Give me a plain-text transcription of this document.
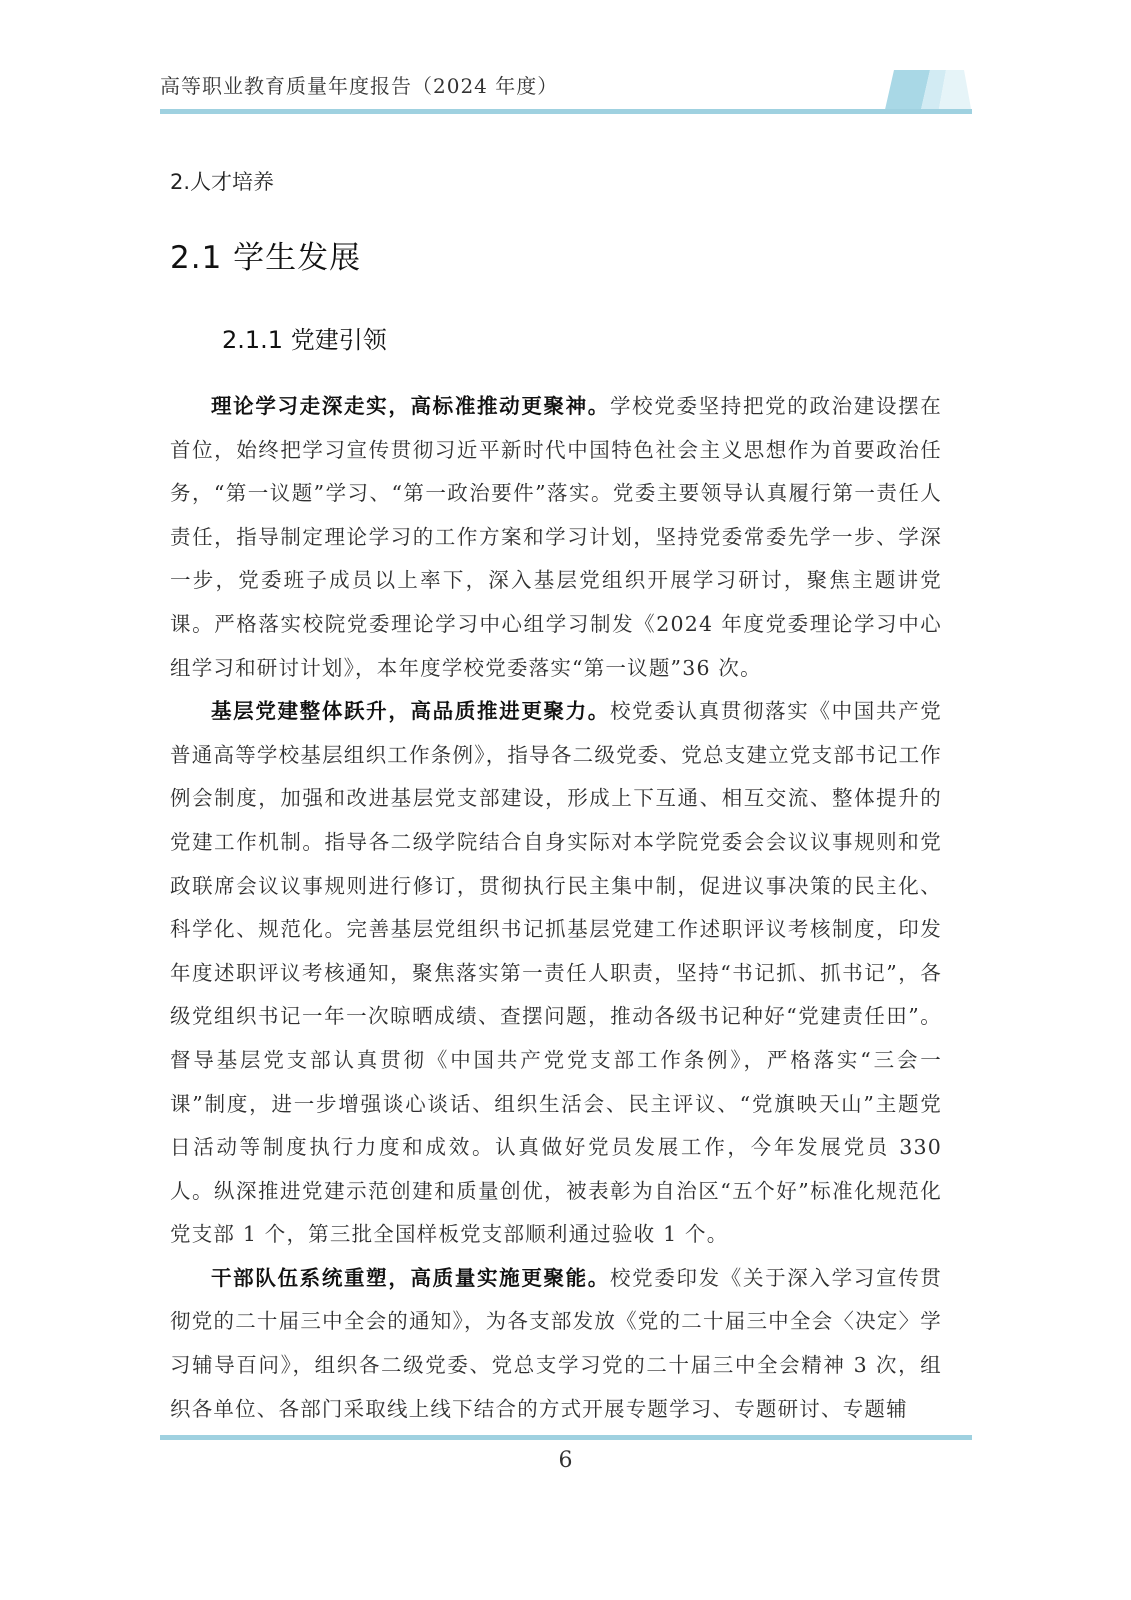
高等职业教育质量年度报告（2024 年度）
2.人才培养
2.1 学生发展
2.1.1 党建引领

理论学习走深走实，高标准推动更聚神。学校党委坚持把党的政治建设摆在首位，始终把学习宣传贯彻习近平新时代中国特色社会主义思想作为首要政治任务，“第一议题”学习、“第一政治要件”落实。党委主要领导认真履行第一责任人责任，指导制定理论学习的工作方案和学习计划，坚持党委常委先学一步、学深一步，党委班子成员以上率下，深入基层党组织开展学习研讨，聚焦主题讲党课。严格落实校院党委理论学习中心组学习制发《2024 年度党委理论学习中心组学习和研讨计划》，本年度学校党委落实“第一议题”36 次。

基层党建整体跃升，高品质推进更聚力。校党委认真贯彻落实《中国共产党普通高等学校基层组织工作条例》，指导各二级党委、党总支建立党支部书记工作例会制度，加强和改进基层党支部建设，形成上下互通、相互交流、整体提升的党建工作机制。指导各二级学院结合自身实际对本学院党委会会议议事规则和党政联席会议议事规则进行修订，贯彻执行民主集中制，促进议事决策的民主化、科学化、规范化。完善基层党组织书记抓基层党建工作述职评议考核制度，印发年度述职评议考核通知，聚焦落实第一责任人职责，坚持“书记抓、抓书记”，各级党组织书记一年一次晾晒成绩、查摆问题，推动各级书记种好“党建责任田”。督导基层党支部认真贯彻《中国共产党党支部工作条例》，严格落实“三会一课”制度，进一步增强谈心谈话、组织生活会、民主评议、“党旗映天山”主题党日活动等制度执行力度和成效。认真做好党员发展工作，今年发展党员 330 人。纵深推进党建示范创建和质量创优，被表彰为自治区“五个好”标准化规范化党支部 1 个，第三批全国样板党支部顺利通过验收 1 个。

干部队伍系统重塑，高质量实施更聚能。校党委印发《关于深入学习宣传贯彻党的二十届三中全会的通知》，为各支部发放《党的二十届三中全会〈决定〉学习辅导百问》，组织各二级党委、党总支学习党的二十届三中全会精神 3 次，组织各单位、各部门采取线上线下结合的方式开展专题学习、专题研讨、专题辅

6
